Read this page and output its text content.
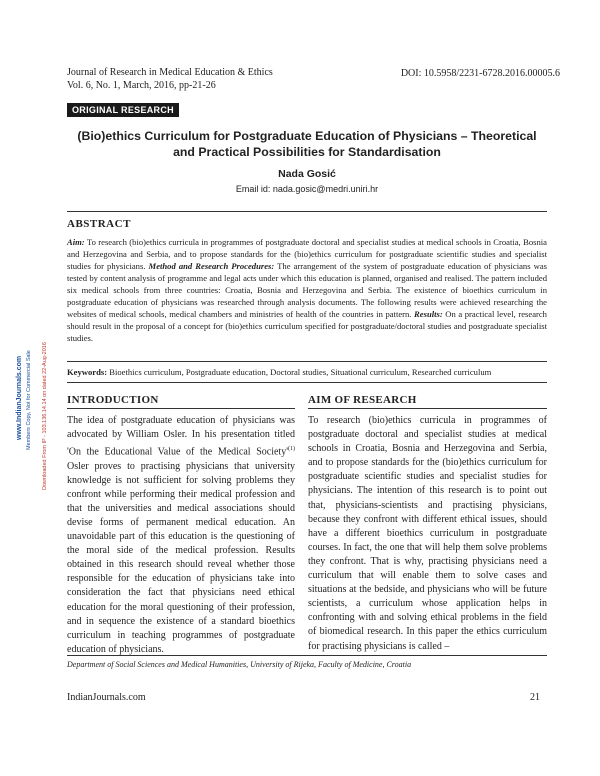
Journal of Research in Medical Education & Ethics
Vol. 6, No. 1, March, 2016, pp-21-26
DOI: 10.5958/2231-6728.2016.00005.6
ORIGINAL RESEARCH
(Bio)ethics Curriculum for Postgraduate Education of Physicians – Theoretical and Practical Possibilities for Standardisation
Nada Gosić
Email id: nada.gosic@medri.uniri.hr
ABSTRACT
Aim: To research (bio)ethics curricula in programmes of postgraduate doctoral and specialist studies at medical schools in Croatia, Bosnia and Herzegovina and Serbia, and to propose standards for the (bio)ethics curriculum for postgraduate scientific studies and specialist studies for physicians. Method and Research Procedures: The arrangement of the system of postgraduate education of physicians was tested by content analysis of programme and legal acts under which this education is planned, organised and realised. The pattern included six medical schools from three countries: Croatia, Bosnia and Herzegovina and Serbia. The existence of bioethics curriculum in postgraduate education of physicians was researched through analysis documents. The following results were achieved researching the websites of medical schools, medical chambers and ministries of health of the countries in pattern. Results: On a practical level, research should result in the proposal of a concept for (bio)ethics curriculum specified for postgraduate/doctoral studies and postgraduate specialist studies.
Keywords: Bioethics curriculum, Postgraduate education, Doctoral studies, Situational curriculum, Researched curriculum
INTRODUCTION
The idea of postgraduate education of physicians was advocated by William Osler. In his presentation titled 'On the Educational Value of the Medical $Society'^{(1)}$ Osler proves to practising physicians that university knowledge is not sufficient for solving problems they confront while performing their medical profession and that the universities and medical associations should devise forms of permanent medical education. An unavoidable part of this education is the questioning of the moral side of the medical profession. Results obtained in this research should reveal whether those responsible for the education of physicians take into consideration the fact that physicians need ethical education for the moral questioning of their profession, and in sequence the existence of a standard bioethics curriculum in teaching programmes of postgraduate education of physicians.
AIM OF RESEARCH
To research (bio)ethics curricula in programmes of postgraduate doctoral and specialist studies at medical schools in Croatia, Bosnia and Herzegovina and Serbia, and to propose standards for the (bio)ethics curriculum for postgraduate scientific studies and specialist studies for physicians. The intention of this research is to point out that, physicians-scientists and practising physicians, because they confront with different ethical issues, should have a different bioethics curriculum in postgraduate courses. In fact, the one that will help them solve problems they confront. That is why, practising physicians need a curriculum that will enable them to solve cases and situations at the bedside, and physicians who will be future scientists, a curriculum whose application helps in confronting with and solving ethical problems in the field of biomedical research. In this paper the ethics curriculum for practising physicians is called –
www.IndianJournals.com Members Copy, Not for Commercial Sale Downloaded From IP - 103.136.14.14 on dated 22-Aug-2016
Department of Social Sciences and Medical Humanities, University of Rijeka, Faculty of Medicine, Croatia
IndianJournals.com	21
